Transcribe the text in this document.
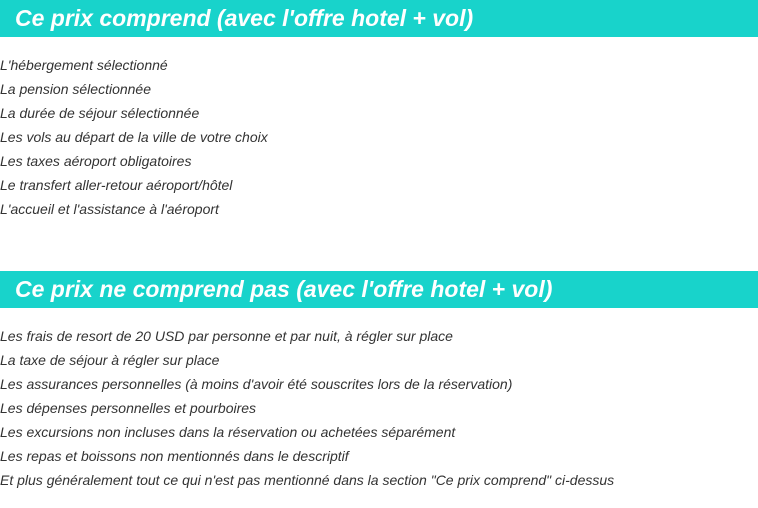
Ce prix comprend (avec l'offre hotel + vol)
L'hébergement sélectionné
La pension sélectionnée
La durée de séjour sélectionnée
Les vols au départ de la ville de votre choix
Les taxes aéroport obligatoires
Le transfert aller-retour aéroport/hôtel
L'accueil et l'assistance à l'aéroport
Ce prix ne comprend pas (avec l'offre hotel + vol)
Les frais de resort de 20 USD par personne et par nuit, à régler sur place
La taxe de séjour à régler sur place
Les assurances personnelles (à moins d'avoir été souscrites lors de la réservation)
Les dépenses personnelles et pourboires
Les excursions non incluses dans la réservation ou achetées séparément
Les repas et boissons non mentionnés dans le descriptif
Et plus généralement tout ce qui n'est pas mentionné dans la section "Ce prix comprend" ci-dessus
